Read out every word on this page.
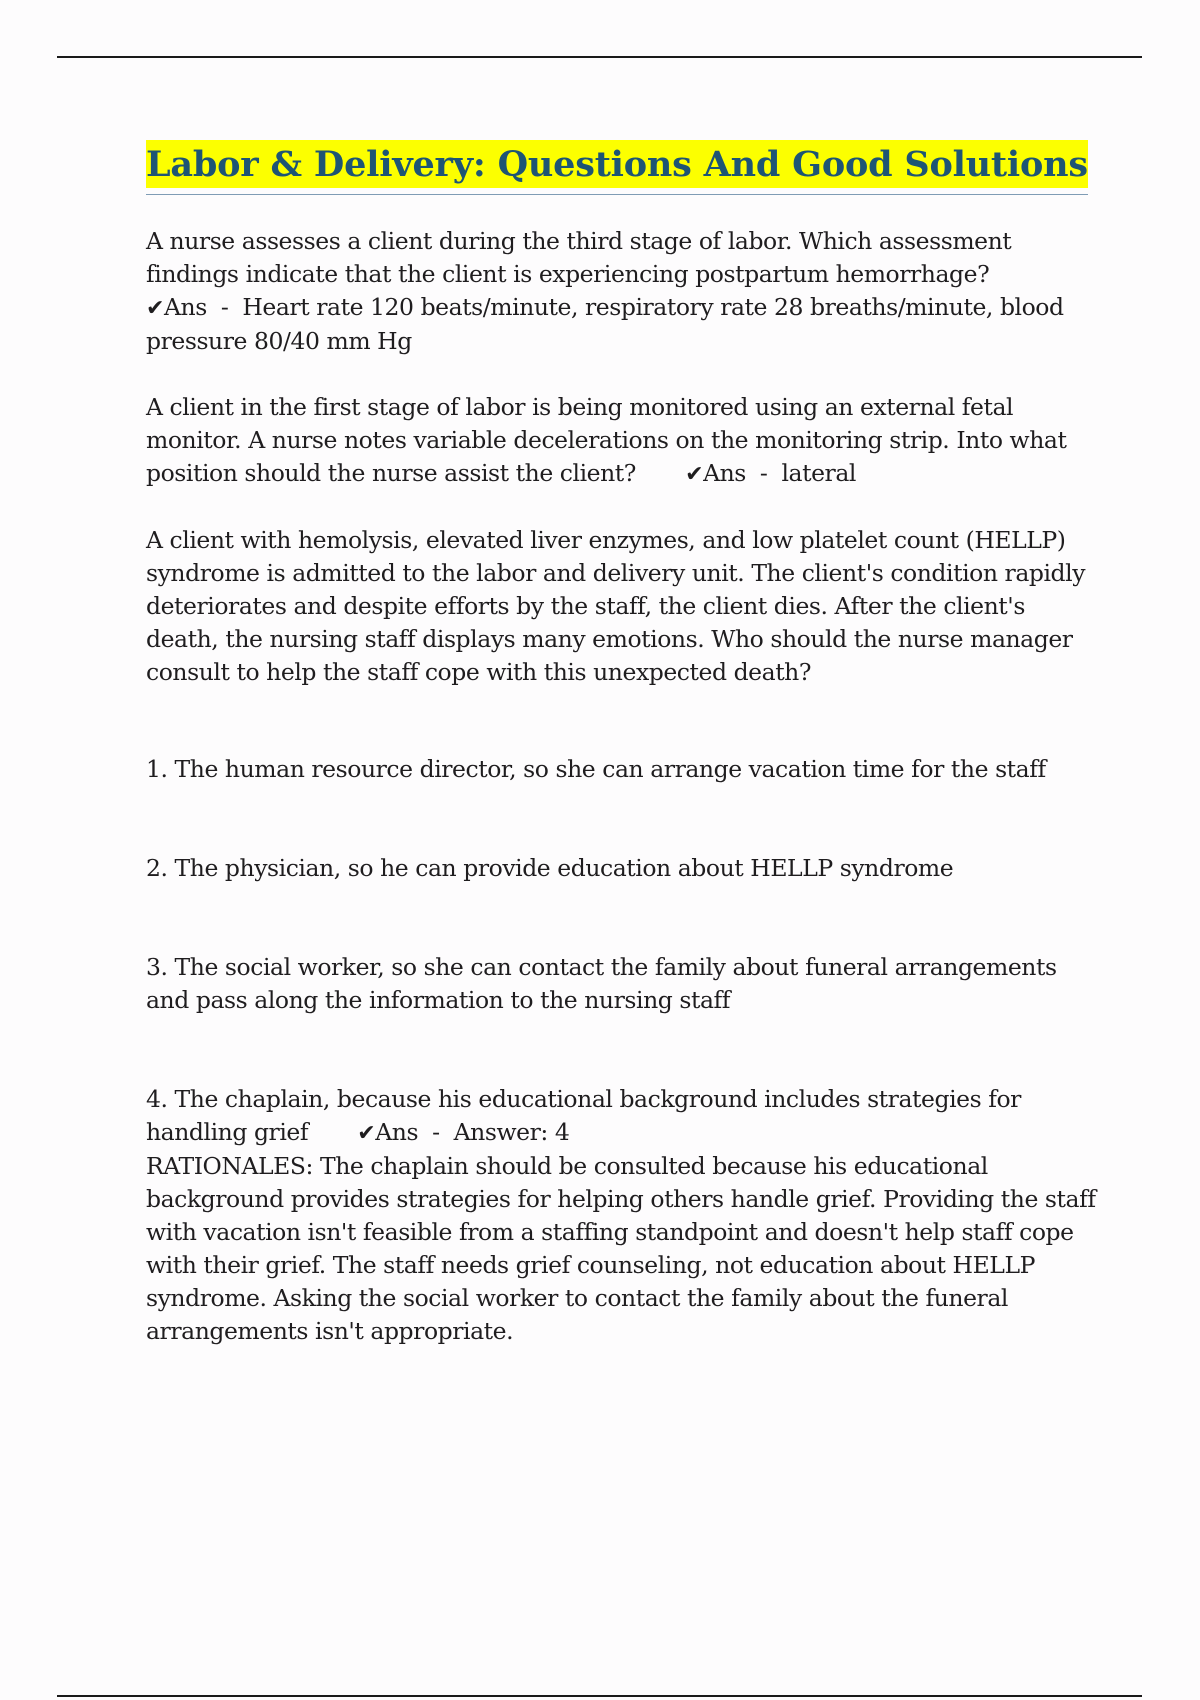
Labor & Delivery: Questions And Good Solutions

A nurse assesses a client during the third stage of labor. Which assessment findings indicate that the client is experiencing postpartum hemorrhage?
✔Ans  -  Heart rate 120 beats/minute, respiratory rate 28 breaths/minute, blood pressure 80/40 mm Hg

A client in the first stage of labor is being monitored using an external fetal monitor. A nurse notes variable decelerations on the monitoring strip. Into what position should the nurse assist the client? ✔Ans  -  lateral

A client with hemolysis, elevated liver enzymes, and low platelet count (HELLP) syndrome is admitted to the labor and delivery unit. The client's condition rapidly deteriorates and despite efforts by the staff, the client dies. After the client's death, the nursing staff displays many emotions. Who should the nurse manager consult to help the staff cope with this unexpected death?

1. The human resource director, so she can arrange vacation time for the staff

2. The physician, so he can provide education about HELLP syndrome

3. The social worker, so she can contact the family about funeral arrangements and pass along the information to the nursing staff

4. The chaplain, because his educational background includes strategies for handling grief ✔Ans  -  Answer: 4

RATIONALES: The chaplain should be consulted because his educational background provides strategies for helping others handle grief. Providing the staff with vacation isn't feasible from a staffing standpoint and doesn't help staff cope with their grief. The staff needs grief counseling, not education about HELLP syndrome. Asking the social worker to contact the family about the funeral arrangements isn't appropriate.
